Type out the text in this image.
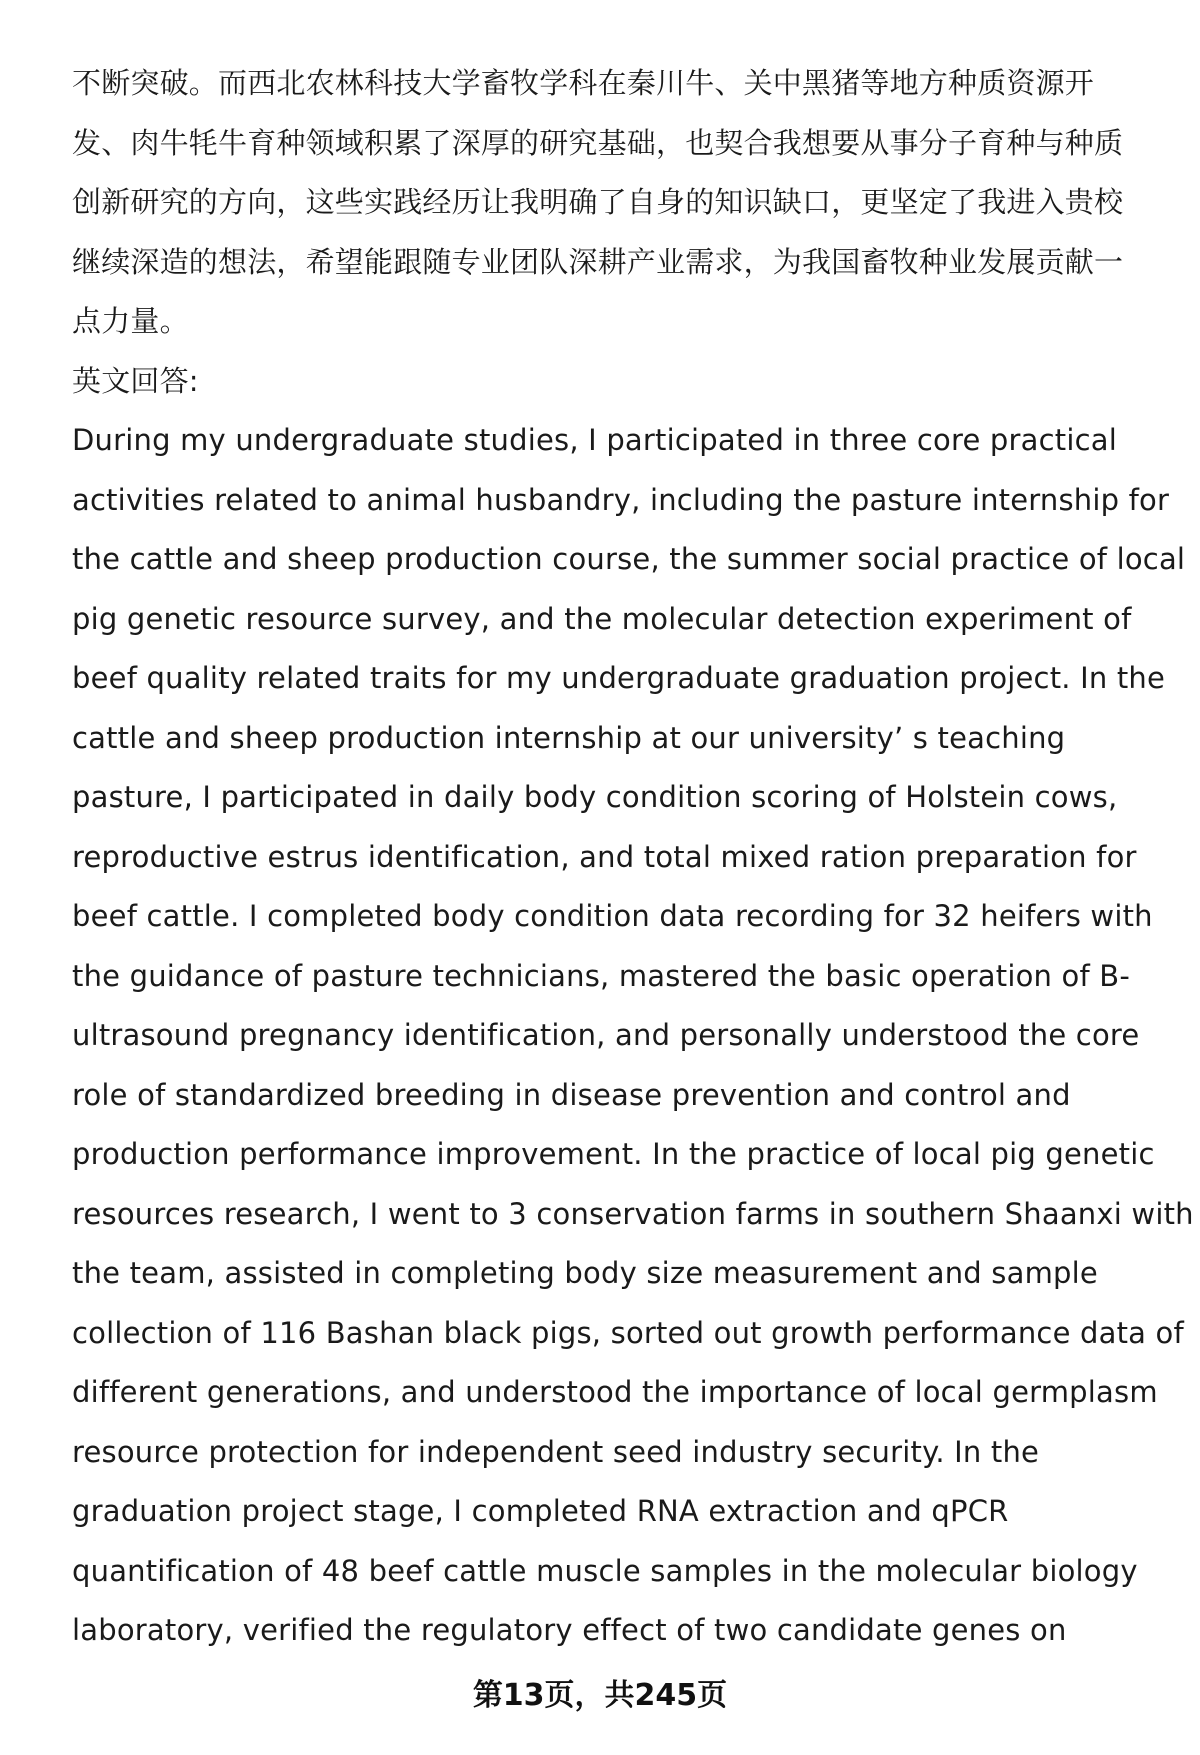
不断突破。而西北农林科技大学畜牧学科在秦川牛、关中黑猪等地方种质资源开
发、肉牛牦牛育种领域积累了深厚的研究基础，也契合我想要从事分子育种与种质
创新研究的方向，这些实践经历让我明确了自身的知识缺口，更坚定了我进入贵校
继续深造的想法，希望能跟随专业团队深耕产业需求，为我国畜牧种业发展贡献一
点力量。
英文回答:
During my undergraduate studies, I participated in three core practical
activities related to animal husbandry, including the pasture internship for
the cattle and sheep production course, the summer social practice of local
pig genetic resource survey, and the molecular detection experiment of
beef quality related traits for my undergraduate graduation project. In the
cattle and sheep production internship at our university’ s teaching
pasture, I participated in daily body condition scoring of Holstein cows,
reproductive estrus identification, and total mixed ration preparation for
beef cattle. I completed body condition data recording for 32 heifers with
the guidance of pasture technicians, mastered the basic operation of B-
ultrasound pregnancy identification, and personally understood the core
role of standardized breeding in disease prevention and control and
production performance improvement. In the practice of local pig genetic
resources research, I went to 3 conservation farms in southern Shaanxi with
the team, assisted in completing body size measurement and sample
collection of 116 Bashan black pigs, sorted out growth performance data of
different generations, and understood the importance of local germplasm
resource protection for independent seed industry security. In the
graduation project stage, I completed RNA extraction and qPCR
quantification of 48 beef cattle muscle samples in the molecular biology
laboratory, verified the regulatory effect of two candidate genes on
第13页，共245页
